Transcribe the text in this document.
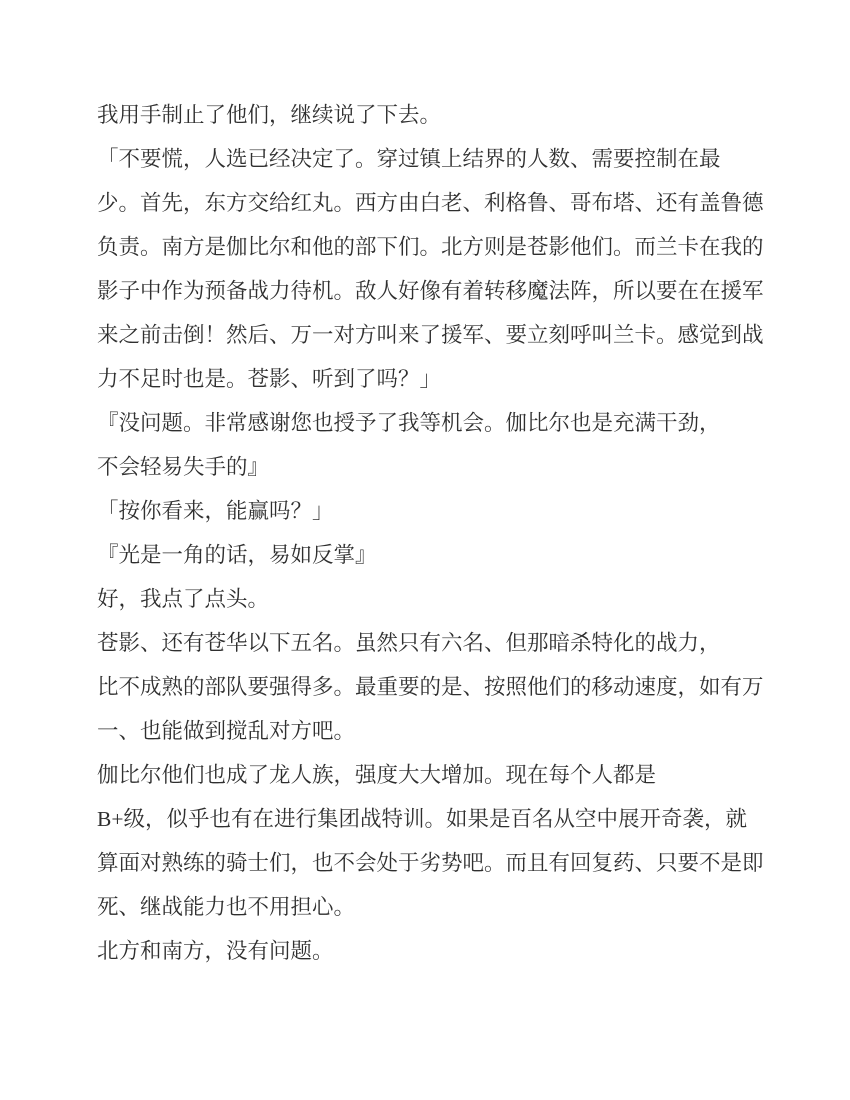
我用手制止了他们，继续说了下去。
「不要慌，人选已经决定了。穿过镇上结界的人数、需要控制在最
少。首先，东方交给红丸。西方由白老、利格鲁、哥布塔、还有盖鲁德
负责。南方是伽比尔和他的部下们。北方则是苍影他们。而兰卡在我的
影子中作为预备战力待机。敌人好像有着转移魔法阵，所以要在在援军
来之前击倒！然后、万一对方叫来了援军、要立刻呼叫兰卡。感觉到战
力不足时也是。苍影、听到了吗？」
『没问题。非常感谢您也授予了我等机会。伽比尔也是充满干劲，
不会轻易失手的』
「按你看来，能赢吗？」
『光是一角的话，易如反掌』
好，我点了点头。
苍影、还有苍华以下五名。虽然只有六名、但那暗杀特化的战力，
比不成熟的部队要强得多。最重要的是、按照他们的移动速度，如有万
一、也能做到搅乱对方吧。
伽比尔他们也成了龙人族，强度大大增加。现在每个人都是
B+级，似乎也有在进行集团战特训。如果是百名从空中展开奇袭，就
算面对熟练的骑士们，也不会处于劣势吧。而且有回复药、只要不是即
死、继战能力也不用担心。
北方和南方，没有问题。
